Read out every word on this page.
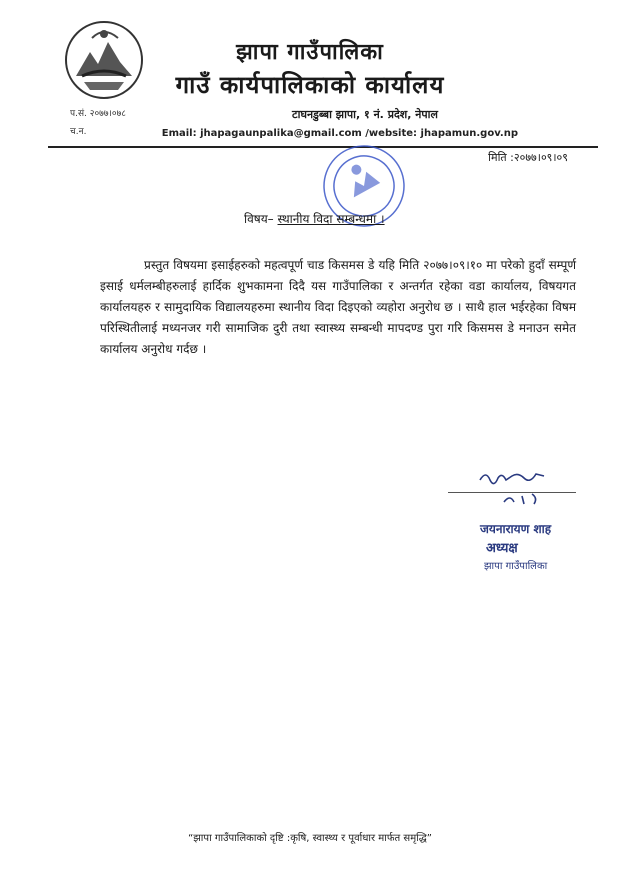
प.सं. २०७७।०७८
च.न.
झापा गाउँपालिका
गाउँ कार्यपालिकाको कार्यालय
टाघनडुब्बा झापा, १ नं. प्रदेश, नेपाल
Email: jhapagaunpalika@gmail.com /website: jhapamun.gov.np
मिति :२०७७।०९।०९
विषय– स्थानीय विदा सम्बन्धमा ।
प्रस्तुत विषयमा इसाईहरुको महत्वपूर्ण चाड किसमस डे यहि मिति २०७७।०९।१० मा परेको हुदाँ सम्पूर्ण इसाई धर्मलम्बीहरुलाई हार्दिक शुभकामना दिदै यस गाउँपालिका र अन्तर्गत रहेका वडा कार्यालय, विषयगत कार्यालयहरु र सामुदायिक विद्यालयहरुमा स्थानीय विदा दिइएको व्यहोरा अनुरोध छ । साथै हाल भईरहेका विषम परिस्थितीलाई मध्यनजर गरी सामाजिक दुरी तथा स्वास्थ्य सम्बन्धी मापदण्ड पुरा गरि किसमस डे मनाउन समेत कार्यालय अनुरोध गर्दछ ।
जयनारायण शाह
अध्यक्ष
झापा गाउँपालिका
“झापा गाउँपालिकाको दृष्टि :कृषि, स्वास्थ्य र पूर्वाधार मार्फत समृद्धि”
